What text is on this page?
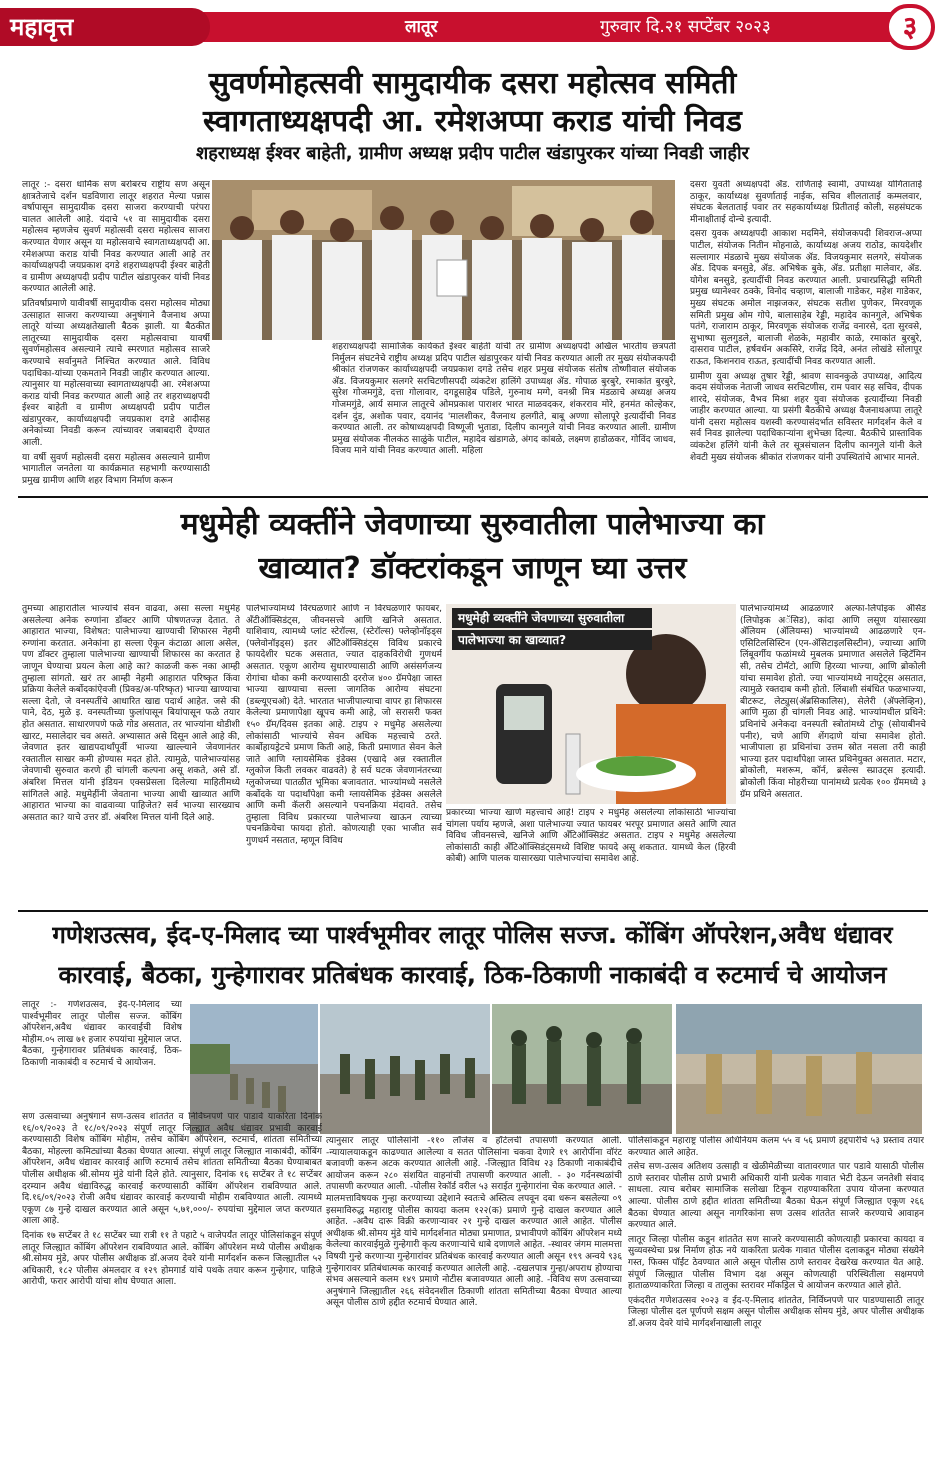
महावृत्त	लातूर	गुरुवार दि.२१ सप्टेंबर २०२३	३
सुवर्णमोहत्सवी सामुदायीक दसरा महोत्सव समिती
स्वागताध्यक्षपदी आ. रमेशअप्पा कराड यांची निवड
शहराध्यक्ष ईश्वर बाहेती, ग्रामीण अध्यक्ष प्रदीप पाटील खंडापुरकर यांच्या निवडी जाहीर

लातूर :- दसरा धार्मिक सण बरोबरच राष्ट्रीय सण असून क्षात्रतेजाचे दर्शन घडविणारा लातूर शहरात मेल्या पन्नास वर्षापासून सामुदायीक दसरा साजरा करण्याची परंपरा चालत आलेली आहे. यंदाचे ५१ वा सामुदायीक दसरा महोत्सव म्हणजेच सुवर्ण महोत्सवी दसरा महोत्सव साजरा करण्यात येणार असून या महोत्सवाचे स्वागताध्यक्षपदी आ. रमेशअप्पा कराड यांची निवड करण्यात आली आहे तर कार्याध्यक्षपदी जयप्रकाश दगडे शहराध्यक्षपदी ईश्वर बाहेती व ग्रामीण अध्यक्षपदी प्रदीप पाटील खंडापुरकर यांची निवड करण्यात आलेली आहे.

प्रतिवर्षाप्रमाणे यावीवर्षी सामुदायीक दसरा महोत्सव मोठ्या उत्साहात साजरा करण्याच्या अनुषंगाने वैजनाथ अप्पा लातूरे यांच्या अध्यक्षतेखाली बैठक झाली. या बैठकीत लातूरच्या सामुदायीक दसरा महोत्सवाचा यावर्षी सुवर्णमहोत्सव असल्याने त्याचे स्मरणात महोत्सव साजरे करण्याचे सर्वानुमते निश्चित करण्यात आले. विविध पदाधिका-यांच्या एकमताने निवडी जाहीर करण्यात आल्या. त्यानुसार या महोत्सवाच्या स्वागताध्यक्षपदी आ. रमेशअप्पा कराड यांची निवड करण्यात आली आहे तर शहराध्यक्षपदी ईश्वर बाहेती व ग्रामीण अध्यक्षपदी प्रदीप पाटील खंडापुरकर, कार्याध्यक्षपदी जयप्रकाश दगडे आदीसह अनेकांच्या निवडी करून त्यांच्यावर जबाबदारी देण्यात आली.

या वर्षी सुवर्ण महोत्सवी दसरा महोत्सव असल्याने ग्रामीण भागातील जनतेला या कार्यक्रमात सहभागी करण्यासाठी प्रमुख ग्रामीण आणि शहर विभाग निर्माण करून

शहराध्यक्षपदी सामाजिक कार्यकर्ते ईश्वर बाहेती यांची तर ग्रामीण अध्यक्षपदी अखिल भारतीय छत्रपती निर्मुलन संघटनेचे राष्ट्रीय अध्यक्ष प्रदिप पाटील खंडापुरकर यांची निवड करण्यात आली तर मुख्य संयोजकपदी श्रीकांत रांजणकर कार्याध्यक्षपदी जयप्रकाश दगडे तसेच शहर प्रमुख संयोजक संतोष तोष्णीवाल संयोजक ॲड. विजयकुमार सलगरे सरचिटणीसपदी व्यंकटेश हालिंगे उपाध्यक्ष ॲड. गोपाळ बुरबुरे, रमाकांत बुरबुरे, सुरेश गोजमगुंडे, दत्ता गोलावार, दगडूसाहेब पडिले, गुरुनाथ मग्गे, वनश्री मित्र मंडळाचे अध्यक्ष अजय गोजमगुंडे, आर्य समाज लातूरचे ओमप्रकाश पाराशर भारत माळवदकर, शंकरराव मोरे, हनमंत कोल्हेकर, दर्शन दुंड, अशोक पवार, दयानंद 'मालशीकर, वैजनाथ हलगीते, बाबू अण्णा सोलापूरे इत्यादींची निवड करण्यात आली. तर कोषाध्यक्षपदी विष्णूजी भुताडा, दिलीप कानगुले यांची निवड करण्यात आली. ग्रामीण प्रमुख संयोजक नीलकंठ साळुंके पाटील, महादेव खंडागळे, अंगद कांबळे, लक्ष्मण हाडोळकर, गोविंद जाधव, विजय माने यांची निवड करण्यात आली. महिला

दसरा युवती अध्यक्षपदी ॲड. राणिताई स्वामी, उपाध्यक्ष योगिताताई ठाकूर, कार्याध्यक्ष सुवर्णाताई नाईक, सचिव शीलताताई कम्मलवार, संघटक बेलताताई पवार तर सहकार्याध्यक्ष प्रितीताई कोली, सहसंघटक मीनाक्षीताई दोन्चे इत्यादी.

दसरा युवक अध्यक्षपदी आकाश मदमिने, संयोजकपदी शिवराज-अप्पा पाटील, संयोजक नितीन मोहनाळे, कार्याध्यक्ष अजय राठोड, कायदेशीर सल्लागार मंडळाचे मुख्य संयोजक ॲड. विजयकुमार सलगरे, संयोजक ॲड. दिपक बनसुडे, ॲड. अभिषेक बुके, ॲड. प्रतीक्षा मालेवार, ॲड. योगेश बनसुडे, इत्यादींची निवड करण्यात आली. प्रचारप्रसिद्धी समिती प्रमुख ध्यानेश्वर ठक्के, विनोद चव्हाण, बालाजी गाडेकर, महेश गाडेकर, मुख्य संघटक अमोल नाझजकर, संघटक सतीश पुणेकर, मिरवणूक समिती प्रमुख ओम गोपे, बालासाहेब रेड्डी, महादेव कानगुले, अभिषेक पतंगे, राजाराम ठाकूर, मिरवणूक संयोजक राजेंद्र वनारसे, दता सुरवसे, सुभाष्पा सुलगुडले, बालाजी शेळके, महावीर काळे, रमाकांत बुरबुरे, दासराव पाटील, हर्षवर्धन अकसिरे, राजेंद्र दिवे, अनंत लोखंडे सोलापूर राऊत, किशनराव राऊत, इत्यादींची निवड करण्यात आली.

ग्रामीण युवा अध्यक्ष तुषार रेड्डी, श्रावण सावनकुळे उपाध्यक्ष, आदित्य कदम संयोजक नेताजी जाधव सरचिटणीस, राम पवार सह सचिव, दीपक शारदे, संयोजक, वैभव मिश्रा शहर युवा संयोजक इत्यादींच्या निवडी जाहीर करण्यात आल्या. या प्रसंगी बैठकीचे अध्यक्ष वैजनाथअप्पा लातूरे यांनी दसरा महोत्सव यशस्वी करण्यासंदर्भात सविस्तर मार्गदर्शन केले व सर्व निवड झालेल्या पदाधिकाऱ्यांना शुभेच्छा दिल्या. बैठकीचे प्रास्ताविक व्यंकटेश हलिंगे यांनी केले तर सूत्रसंचालन दिलीप कानगुले यांनी केले शेवटी मुख्य संयोजक श्रीकांत रांजणकर यांनी उपस्थितांचे आभार मानले.

मधुमेही व्यक्तींने जेवणाच्या सुरुवातीला पालेभाज्या का
खाव्यात? डॉक्टरांकडून जाणून घ्या उत्तर

तुमच्या आहारातील भाज्यांचे सेवन वाढवा, असा सल्ला मधुमेह असलेल्या अनेक रुग्णांना डॉक्टर आणि पोषणतज्ज्ञ देतात. ते आहारात भाज्या, विशेषत: पालेभाज्या खाण्याची शिफारस नेहमी रुग्णांना करतात. अनेकांना हा सल्ला ऐकून कंटाळा आला असेल, पण डॉक्टर तुम्हाला पालेभाज्या खाण्याची शिफारस का करतात हे जाणून घेण्याचा प्रयत्न केला आहे का? काळजी करू नका आम्ही तुम्हाला सांगतो. खरं तर आम्ही नेहमी आहारात परिष्कृत किंवा प्रक्रिया केलेले कर्बोदकांऐवजी (प्रिक्ड/अ-परिष्कृत) भाज्या खाण्याचा सल्ला देतो, जे वनस्पतींचे आधारित खाद्य पदार्थ आहेत. जसे की पाने, देठ, मुळे इ. वनस्पतीच्या फुलांपासून बियांपासून फळे तयार होत असतात. साधारणपणे फळे गोड असतात, तर भाज्यांना थोडीशी खारट, मसालेदार चव असते. अभ्यासात असे दिसून आले आहे की, जेवणात इतर खाद्यपदार्थांपूर्वी भाज्या खाल्ल्याने जेवणानंतर रक्तातील साखर कमी होण्यास मदत होते. त्यामुळे, पालेभाज्यांसह जेवणाची सुरुवात करणे ही चांगली कल्पना असू शकते, असे डॉ. अंबरिश मित्तल यांनी इंडियन एक्सप्रेसला दिलेल्या माहितीमध्ये सांगितले आहे. मधुमेहींनी जेवताना भाज्या आधी खाव्यात आणि आहारात भाज्या का वाढवाव्या पाहिजेत? सर्व भाज्या सारख्याच असतात का? याचे उत्तर डॉ. अंबरिश मित्तल यांनी दिले आहे.

पालेभाज्यांमध्ये विरघळणारे आणि न विरघळणारे फायबर, अँटीऑक्सिडंट्स, जीवनसत्त्वे आणि खनिजे असतात. याशिवाय, त्यामध्ये प्लांट स्टेरॉल्स, (स्टेरॉल्स) फ्लेव्होनॉइड्स (फ्लेवोनॉइड्स) इतर अँटिऑक्सिडंट्स विविध प्रकारचे फायदेशीर घटक असतात, ज्यात दाहकविरोधी गुणधर्म असतात. एकूण आरोग्य सुधारण्यासाठी आणि असंसर्गजन्य रोगांचा धोका कमी करण्यासाठी दररोज ४०० ग्रॅमपेक्षा जास्त भाज्या खाण्याचा सल्ला जागतिक आरोग्य संघटना (डब्ल्यूएचओ) देते. भारतात भाजीपाल्याचा वापर हा शिफारस केलेल्या प्रमाणापेक्षा खूपच कमी आहे, जो सरासरी फक्त १५० ग्रॅम/दिवस इतका आहे. टाइप २ मधुमेह असलेल्या लोकांसाठी भाज्यांचे सेवन अधिक महत्त्वाचे ठरते. कार्बोहायड्रेटचे प्रमाण किती आहे, किती प्रमाणात सेवन केले जाते आणि ग्लायसेमिक इंडेक्स (एखादे अन्न रक्तातील ग्लुकोज किती लवकर वाढवते) हे सर्व घटक जेवणानंतरच्या ग्लुकोजच्या पातळीत भूमिका बजावतात. भाज्यांमध्ये नसलेले कर्बोदके या पदार्थांपेक्षा कमी ग्लायसेमिक इंडेक्स असलेले आणि कमी कॅलरी असल्याने पचनक्रिया मंदावते. तसेच तुम्हाला विविध प्रकारच्या पालेभाज्या खाऊन त्याच्या पचनक्रियेचा फायदा होतो. कोणत्याही एका भाजीत सर्व गुणधर्म नसतात, म्हणून विविध

मधुमेही व्यक्तींने जेवणाच्या सुरुवातीला
पालेभाज्या का खाव्यात?

प्रकारच्या भाज्या खाणे महत्त्वाचे आहे! टाइप २ मधुमेह असलेल्या लोकांसाठी भाज्यांचा चांगला पर्याय म्हणजे, अशा पालेभाज्या ज्यात फायबर भरपूर प्रमाणात असते आणि त्यात विविध जीवनसत्त्वे, खनिजे आणि अँटिऑक्सिडंट असतात. टाइप २ मधुमेह असलेल्या लोकांसाठी काही अँटिऑक्सिडंट्समध्ये विशिष्ट फायदे असू शकतात. यामध्ये केल (हिरवी कोबी) आणि पालक यासारख्या पालेभाज्यांचा समावेश आहे.

पालेभाज्यांमध्ये आढळणारे अल्फा-लिपोइक ॲसिड (लिपोइक अॅसिड), कांदा आणि लसूण यांसारख्या ॲलियम (ॲलियम्स) भाज्यांमध्ये आढळणारे एन-एसिटिलसिस्टिन (एन-ॲसिटाइलसिस्टीन), ज्याच्या आणि लिंबूवर्गीय फळांमध्ये मुबलक प्रमाणात असलेले व्हिटॅमिन सी, तसेच टोमॅटो, आणि हिरव्या भाज्या, आणि ब्रोकोली यांचा समावेश होतो. ज्या भाज्यांमध्ये नायट्रेट्स असतात, त्यामुळे रक्तदाब कमी होतो. लिंबाशी संबंधित फळभाज्या, बीटरूट, लेट्युस(ॲब्रसिकालिस), सेलेरी (ॲफ्लेव्हिन), आणि मुळा ही चांगली निवड आहे. भाज्यांमधील प्रथिने: प्रथिनांचे अनेकदा वनस्पती स्त्रोतांमध्ये टोफू (सोयाबीनचे पनीर), चणे आणि शेंगदाणे यांचा समावेश होतो. भाजीपाला हा प्रथिनांचा उत्तम स्रोत नसला तरी काही भाज्या इतर पदार्थांपेक्षा जास्त प्रथिनेयुक्त असतात. मटार, ब्रोकोली, मशरूम, कॉर्न, ब्रसेल्स स्प्राउट्स इत्यादी. ब्रोकोली किंवा मोहरीच्या पानांमध्ये प्रत्येक १०० ग्रॅममध्ये ३ ग्रॅम प्रथिने असतात.

गणेशउत्सव, ईद-ए-मिलाद च्या पार्श्वभूमीवर लातूर पोलिस सज्ज. कोंबिंग ऑपरेशन,अवैध धंद्यावर
कारवाई, बैठका, गुन्हेगारावर प्रतिबंधक कारवाई, ठिक-ठिकाणी नाकाबंदी व रुटमार्च चे आयोजन

लातूर :- गणेशउत्सव, ईद-ए-मिलाद च्या पार्श्वभूमीवर लातूर पोलीस सज्ज. कोंबिंग ऑपरेशन,अवैध धंद्यावर कारवाईची विशेष मोहीम.०५ लाख ७१ हजार रुपयांचा मुद्देमाल जप्त. बैठका, गुन्हेगारावर प्रतिबंधक कारवाई, ठिक-ठिकाणी नाकाबंदी व रुटमार्च चे आयोजन.

सण उत्सवाच्या अनुषंगाने सण-उत्सव शांततेत व निर्विघ्नपणे पार पाडावे याकरिता दिनांक १६/०९/२०२३ ते १८/०९/२०२३ संपूर्ण लातूर जिल्ह्यात अवैध धंद्यावर प्रभावी कारवाई करण्यासाठी विशेष कोंबिंग मोहीम, तसेच कोंबिंग ऑपरेशन, रुटमार्च, शांतता समितीच्या बैठका, मोहल्ला कमिट्यांच्या बैठका घेण्यात आल्या. संपूर्ण लातूर जिल्ह्यात नाकाबंदी, कोंबिंग ऑपरेशन, अवैध धंद्यावर कारवाई आणि रुटमार्च तसेच शांतता समितीच्या बैठका घेण्याबाबत पोलीस अधीक्षक श्री.सोमय मुंडे यांनी दिले होते. त्यानुसार, दिनांक १६ सप्टेंबर ते १८ सप्टेंबर दरम्यान अवैध धंद्याविरुद्ध कारवाई करण्यासाठी कोंबिंग ऑपरेशन राबविण्यात आले. दि.१६/०९/२०२३ रोजी अवैध धंद्यावर कारवाई करण्याची मोहीम राबविण्यात आली. त्यामध्ये एकूण ८७ गुन्हे दाखल करण्यात आले असून ५,७१,०००/- रुपयांचा मुद्देमाल जप्त करण्यात आला आहे.

दिनांक १७ सप्टेंबर ते १८ सप्टेंबर च्या रात्री ११ ते पहाटे ५ वाजेपर्यंत लातूर पोलिसांकडून संपूर्ण लातूर जिल्ह्यात कोंबिंग ऑपरेशन राबविण्यात आले. कोंबिंग ऑपरेशन मध्ये पोलीस अधीक्षक श्री.सोमय मुंडे, अपर पोलीस अधीक्षक डॉ.अजय देवरे यांनी मार्गदर्शन करून जिल्ह्यातील ५२ अधिकारी, १८२ पोलीस अंमलदार व १२९ होमगार्ड यांचे पथके तयार करून गुन्हेगार, पाहिजे आरोपी, फरार आरोपी यांचा शोध घेण्यात आला.

त्यानुसार लातूर पोलिसांनी -११० लॉजेस व हॉटेलची तपासणी करण्यात आली. -न्यायालयाकडून काढण्यात आलेल्या व सतत पोलिसांना चकवा देणारे १९ आरोपींना वॉरंट बजावणी करून अटक करण्यात आलेली आहे. -जिल्ह्यात विविध २३ ठिकाणी नाकाबंदीचे आयोजन करून २८० संशयित वाहनांची तपासणी करण्यात आली. - ३० गर्दनस्थळांची तपासणी करण्यात आली. -पोलीस रेकॉर्ड वरील ५३ सराईत गुन्हेगारांना चेक करण्यात आले. - मालमत्ताविषयक गुन्हा करण्याच्या उद्देशाने स्वतःचे अस्तित्व लपवून दबा धरून बसलेल्या ०९ इसमाविरुद्ध महाराष्ट्र पोलीस कायदा कलम १२२(क) प्रमाणे गुन्हे दाखल करण्यात आले आहेत. -अवैध दारू विक्री करणाऱ्यावर २१ गुन्हे दाखल करण्यात आले आहेत. पोलीस अधीक्षक श्री.सोमय मुंडे यांचे मार्गदर्शनात मोठ्या प्रमाणात, प्रभावीपणे कोंबिंग ऑपरेशन मध्ये केलेल्या कारवाईमुळे गुन्हेगारी कृत्य करणाऱ्यांचे धाबे दणाणले आहेत. -स्थावर जंगम मालमत्ता विषयी गुन्हे करणाऱ्या गुन्हेगारांवर प्रतिबंधक कारवाई करण्यात आली असून १९९ अन्वये ९३६ गुन्हेगारावर प्रतिबंधात्मक कारवाई करण्यात आलेली आहे. -दखलपात्र गुन्हा/अपराध होण्याचा संभव असल्याने कलम १४९ प्रमाणे नोटीस बजावण्यात आली आहे. -विविध सण उत्सवाच्या अनुषंगाने जिल्ह्यातील २६६ संवेदनशील ठिकाणी शांतता समितीच्या बैठका घेण्यात आल्या असून पोलीस ठाणे हद्दीत रुटमार्च घेण्यात आले.

पोलिसांकडून महाराष्ट्र पोलीस अधिनियम कलम ५५ व ५६ प्रमाणे हद्दपारीचे ५३ प्रस्ताव तयार करण्यात आले आहेत.

तसेच सण-उत्सव अतिशय उत्साही व खेळीमेळीच्या वातावरणात पार पडावे यासाठी पोलीस ठाणे स्तरावर पोलीस ठाणे प्रभारी अधिकारी यांनी प्रत्येक गावात भेटी देऊन जनतेशी संवाद साधला. त्याच बरोबर सामाजिक सलोखा टिकून राहण्याकरिता उपाय योजना करण्यात आल्या. पोलीस ठाणे हद्दीत शांतता समितीच्या बैठका घेऊन संपूर्ण जिल्ह्यात एकूण २६६ बैठका घेण्यात आल्या असून नागरिकांना सण उत्सव शांततेत साजरे करण्याचे आवाहन करण्यात आले.

लातूर जिल्हा पोलीस कडून शांततेत सण साजरे करण्यासाठी कोणत्याही प्रकारचा कायदा व सुव्यवस्थेचा प्रश्न निर्माण होऊ नये याकरिता प्रत्येक गावात पोलीस दलाकडून मोठ्या संख्येने गस्त, फिक्स पॉईंट ठेवण्यात आले असून पोलीस ठाणे स्तरावर देखरेख करण्यात येत आहे. संपूर्ण जिल्ह्यात पोलीस विभाग दक्ष असून कोणत्याही परिस्थितीला सक्षमपणे हाताळण्याकरिता जिल्हा व तालुका स्तरावर मॉकड्रिल चे आयोजन करण्यात आले होते.

एकंदरीत गणेशउत्सव २०२३ व ईद-ए-मिलाद शांततेत, निर्विघ्नपणे पार पाडण्यासाठी लातूर जिल्हा पोलीस दल पूर्णपणे सक्षम असून पोलीस अधीक्षक सोमय मुंडे, अपर पोलीस अधीक्षक डॉ.अजय देवरे यांचे मार्गदर्शनाखाली लातूर
